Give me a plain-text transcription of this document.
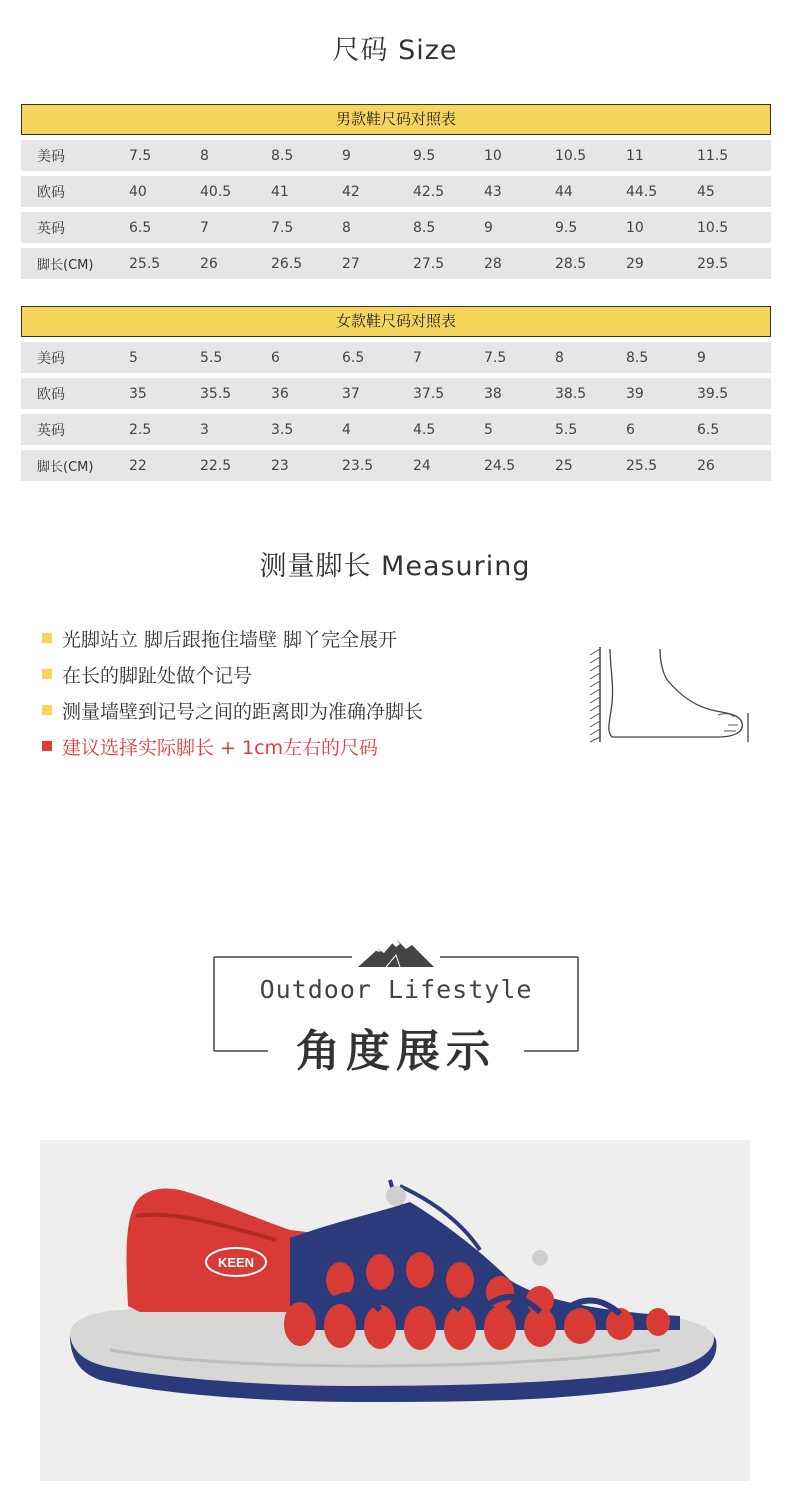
尺码 Size
男款鞋尺码对照表
美码	7.5	8	8.5	9	9.5	10	10.5	11	11.5
欧码	40	40.5	41	42	42.5	43	44	44.5	45
英码	6.5	7	7.5	8	8.5	9	9.5	10	10.5
脚长(CM)	25.5	26	26.5	27	27.5	28	28.5	29	29.5
女款鞋尺码对照表
美码	5	5.5	6	6.5	7	7.5	8	8.5	9
欧码	35	35.5	36	37	37.5	38	38.5	39	39.5
英码	2.5	3	3.5	4	4.5	5	5.5	6	6.5
脚长(CM)	22	22.5	23	23.5	24	24.5	25	25.5	26
测量脚长 Measuring
光脚站立 脚后跟拖住墙壁 脚丫完全展开
在长的脚趾处做个记号
测量墙壁到记号之间的距离即为准确净脚长
建议选择实际脚长 + 1cm左右的尺码
Outdoor Lifestyle
角度展示
KEEN
